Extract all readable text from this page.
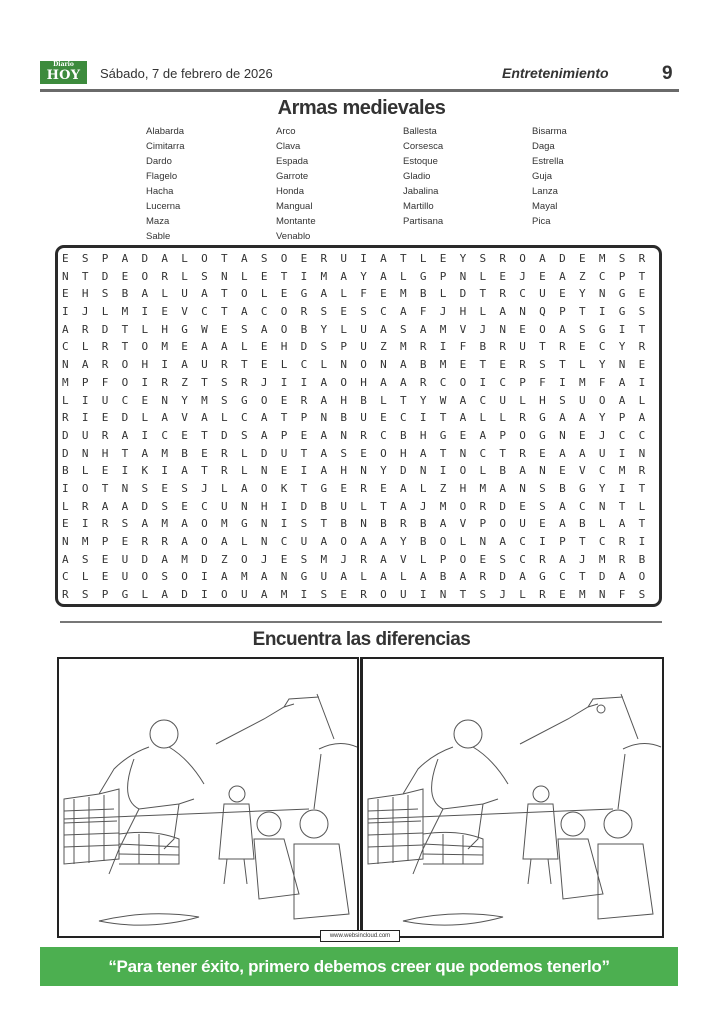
Diario
HOY	Sábado, 7 de febrero de 2026	Entretenimiento	9
Armas medievales
Alabarda
Cimitarra
Dardo
Flagelo
Hacha
Lucerna
Maza
Sable
Arco
Clava
Espada
Garrote
Honda
Mangual
Montante
Venablo
Ballesta
Corsesca
Estoque
Gladio
Jabalina
Martillo
Partisana
Bisarma
Daga
Estrella
Guja
Lanza
Mayal
Pica
ESPADALOTASOERUIATLEYSROADEMSR
NTDEORLSNLETIMAYALGPNLEJEAZCPT
EHSBALUATOLEGALFEMBLDTRCUEYNGE
IJLMIEVCTACORSESCAFJHLANQPTIGS
ARDTLHGWESAOBYLUASAMVJNEOASGIT
CLRTOMEAALEHDSPUZMRIFBRUTRECYR
NAROHIAURTELCLNONABMETERSTLYNE
MPFOIRZTSRJIIAOHAARCOICPFIMFAI
LIUCENYMSGOERAHBLTYWACULHSUOAL
RIEDLAVALCATPNBUECITALLRGAAYPA
DURAICETDSAPEANRCBHGEAPOGNEJCC
DNHTAMBERLDUTASEOHATNCTREAAUIN
BLEIKIATRLNEIAHNYDNIOLBANEVCMR
IOTNSESJLAOKTGEREALZHMANSBGYIT
LRAADSECUNHIDBULTAJMORDESACNTL
EIRSAMAOMGNISTBNBRBAVPOUEABLAT
NMPERRAOALNCUAOAAYBOLNACIPTCRI
ASEUDAMDZOJESMJRAVLPOESCRAJMRB
CLEUOSOIAMANGUALALABARDAGCTDAO
RSPGLADIOUAMISEROUINTSJLREMNFS
Encuentra las diferencias
www.websincloud.com
“Para tener éxito, primero debemos creer que podemos tenerlo”
